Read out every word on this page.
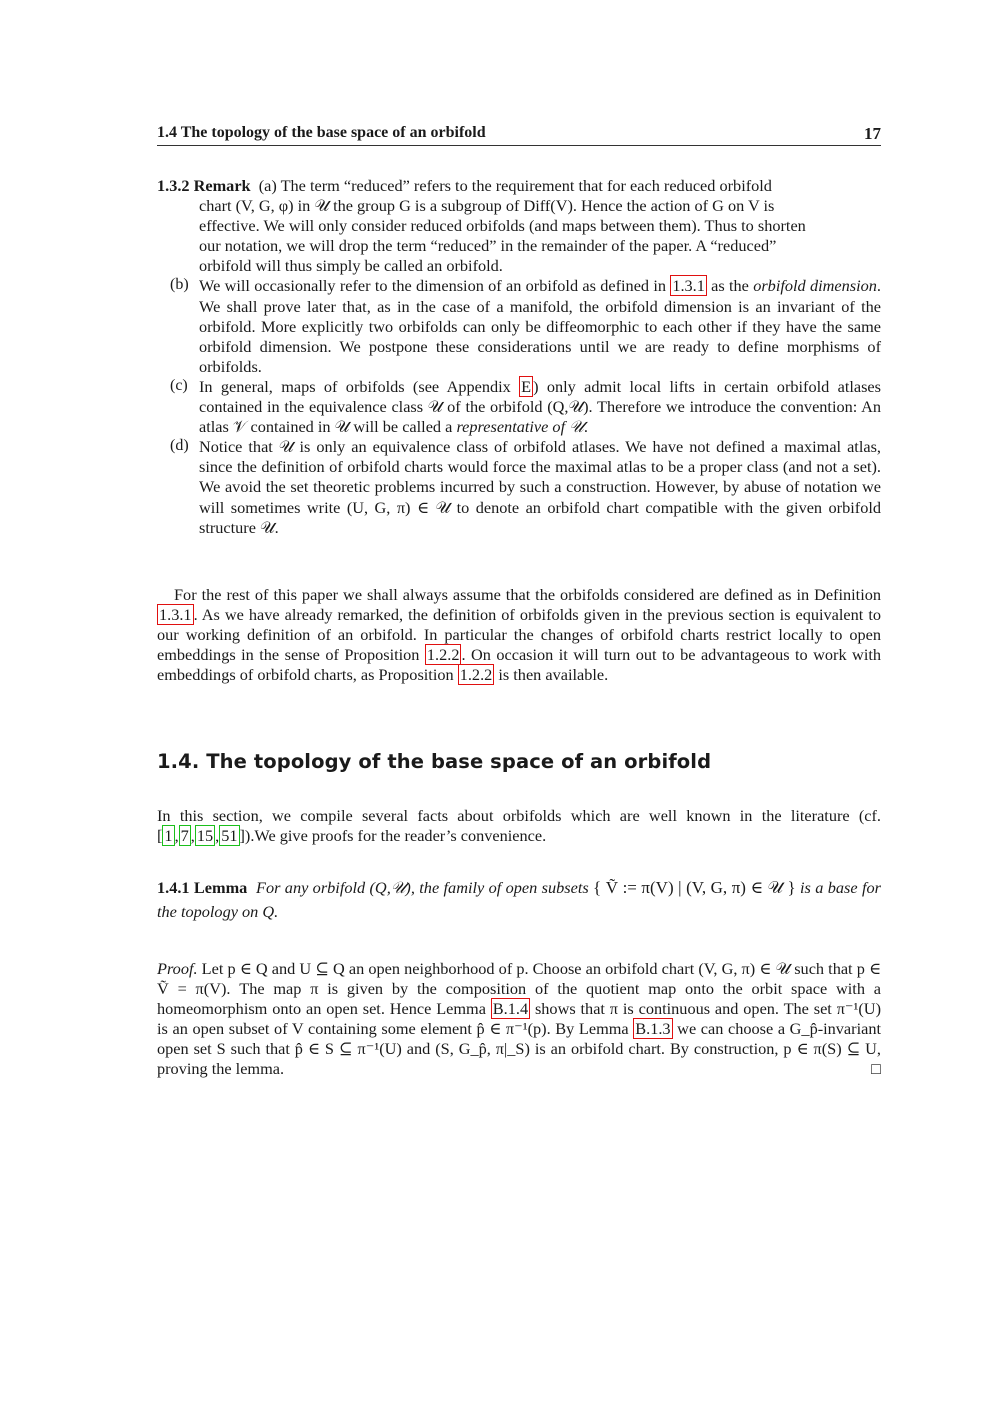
1.4 The topology of the base space of an orbifold	17

1.3.2 Remark (a) The term “reduced” refers to the requirement that for each reduced orbifold

chart (V, G, φ) in 𝒰 the group G is a subgroup of Diff(V). Hence the action of G on V is

effective. We will only consider reduced orbifolds (and maps between them). Thus to shorten

our notation, we will drop the term “reduced” in the remainder of the paper. A “reduced”

orbifold will thus simply be called an orbifold.

(b) We will occasionally refer to the dimension of an orbifold as defined in 1.3.1 as the orbifold dimension. We shall prove later that, as in the case of a manifold, the orbifold dimension is an invariant of the orbifold. More explicitly two orbifolds can only be diffeomorphic to each other if they have the same orbifold dimension. We postpone these considerations until we are ready to define morphisms of orbifolds.

(c) In general, maps of orbifolds (see Appendix E ) only admit local lifts in certain orbifold atlases contained in the equivalence class 𝒰 of the orbifold (Q,𝒰). Therefore we introduce the convention: An atlas 𝒱 contained in 𝒰 will be called a representative of 𝒰.

(d) Notice that 𝒰 is only an equivalence class of orbifold atlases. We have not defined a maximal atlas, since the definition of orbifold charts would force the maximal atlas to be a proper class (and not a set). We avoid the set theoretic problems incurred by such a construction. However, by abuse of notation we will sometimes write (U, G, π) ∈ 𝒰 to denote an orbifold chart compatible with the given orbifold structure 𝒰.

For the rest of this paper we shall always assume that the orbifolds considered are defined as in Definition 1.3.1 . As we have already remarked, the definition of orbifolds given in the previous section is equivalent to our working definition of an orbifold. In particular the changes of orbifold charts restrict locally to open embeddings in the sense of Proposition 1.2.2 . On occasion it will turn out to be advantageous to work with embeddings of orbifold charts, as Proposition 1.2.2 is then available.

1.4. The topology of the base space of an orbifold

In this section, we compile several facts about orbifolds which are well known in the literature (cf. [ 1 , 7 , 15 , 51 ]).We give proofs for the reader’s convenience.

1.4.1 Lemma For any orbifold (Q,𝒰), the family of open subsets { Ṽ := π(V) | (V, G, π) ∈ 𝒰 } is a base for the topology on Q.

Proof. Let p ∈ Q and U ⊆ Q an open neighborhood of p. Choose an orbifold chart (V, G, π) ∈ 𝒰 such that p ∈ Ṽ = π(V). The map π is given by the composition of the quotient map onto the orbit space with a homeomorphism onto an open set. Hence Lemma B.1.4 shows that π is continuous and open. The set π⁻¹(U) is an open subset of V containing some element p̂ ∈ π⁻¹(p). By Lemma B.1.3 we can choose a G_p̂-invariant open set S such that p̂ ∈ S ⊆ π⁻¹(U) and (S, G_p̂, π|_S) is an orbifold chart. By construction, p ∈ π(S) ⊆ U, proving the lemma.	□
